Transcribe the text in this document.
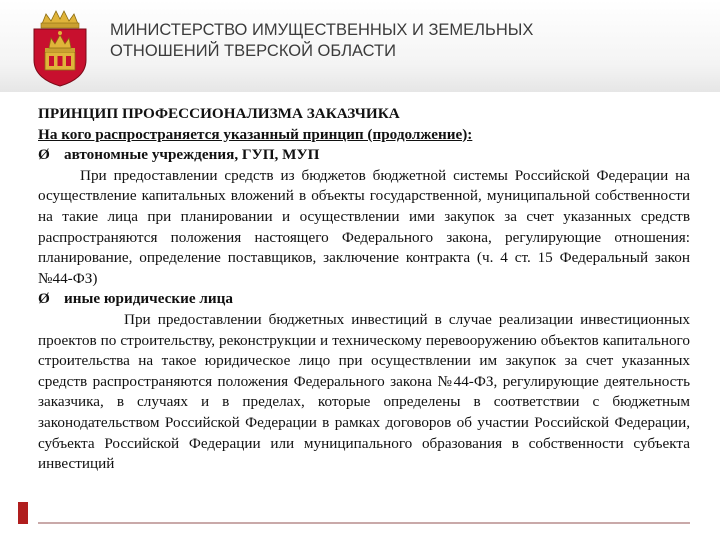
МИНИСТЕРСТВО ИМУЩЕСТВЕННЫХ И ЗЕМЕЛЬНЫХ
ОТНОШЕНИЙ ТВЕРСКОЙ ОБЛАСТИ

ПРИНЦИП ПРОФЕССИОНАЛИЗМА ЗАКАЗЧИКА

На кого распространяется указанный принцип (продолжение):

Ø автономные учреждения, ГУП, МУП

При предоставлении средств из бюджетов бюджетной системы Российской Федерации на осуществление капитальных вложений в объекты государственной, муниципальной собственности на такие лица при планировании и осуществлении ими закупок за счет указанных средств распространяются положения настоящего Федерального закона, регулирующие отношения: планирование, определение поставщиков, заключение контракта (ч. 4 ст. 15 Федеральный закон №44-ФЗ)

Ø иные юридические лица

При предоставлении бюджетных инвестиций в случае реализации инвестиционных проектов по строительству, реконструкции и техническому перевооружению объектов капитального строительства на такое юридическое лицо при осуществлении им закупок за счет указанных средств распространяются положения Федерального закона №44-ФЗ, регулирующие деятельность заказчика, в случаях и в пределах, которые определены в соответствии с бюджетным законодательством Российской Федерации в рамках договоров об участии Российской Федерации, субъекта Российской Федерации или муниципального образования в собственности субъекта инвестиций
